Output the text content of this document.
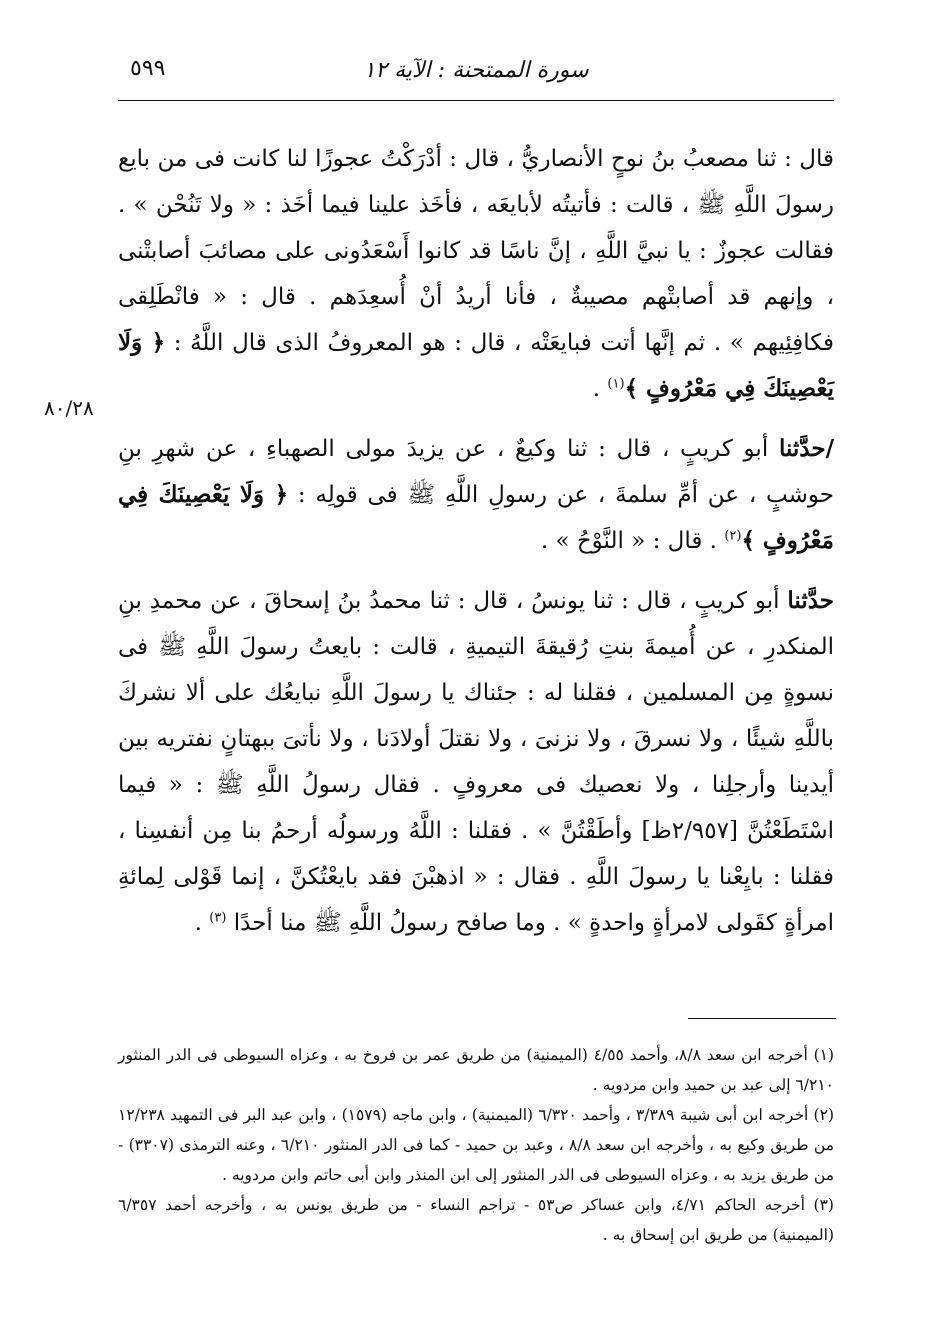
٥٩٩	سورة الممتحنة : الآية ١٢
٨٠/٢٨

قال : ثنا مصعبُ بنُ نوحٍ الأنصاريُّ ، قال : أدْرَكْتُ عجوزًا لنا كانت فى من بايع رسولَ اللَّهِ ﷺ ، قالت : فأتيتُه لأبايعَه ، فأخَذ علينا فيما أخَذ : « ولا تَنُحْن » . فقالت عجوزٌ : يا نبيَّ اللَّهِ ، إنَّ ناسًا قد كانوا أَسْعَدُونى على مصائبَ أصابتْنى ، وإنهم قد أصابتْهم مصيبةٌ ، فأنا أريدُ أنْ أُسعِدَهم . قال : « فانْطَلِقى فكافِئِيهم » . ثم إنَّها أتت فبايعَتْه ، قال : هو المعروفُ الذى قال اللَّهُ : ﴿ وَلَا يَعْصِينَكَ فِي مَعْرُوفٍ ﴾$^{(١)}$ .

/حدَّثنا أبو كريبٍ ، قال : ثنا وكيعٌ ، عن يزيدَ مولى الصهباءِ ، عن شهرِ بنِ حوشبٍ ، عن أمِّ سلمةَ ، عن رسولِ اللَّهِ ﷺ فى قولِه : ﴿ وَلَا يَعْصِينَكَ فِي مَعْرُوفٍ ﴾$^{(٢)}$ . قال : « النَّوْحُ » .

حدَّثنا أبو كريبٍ ، قال : ثنا يونسُ ، قال : ثنا محمدُ بنُ إسحاقَ ، عن محمدِ بنِ المنكدرِ ، عن أُميمةَ بنتِ رُقيقةَ التيميةِ ، قالت : بايعتُ رسولَ اللَّهِ ﷺ فى نسوةٍ مِن المسلمين ، فقلنا له : جئناك يا رسولَ اللَّهِ نبايعُك على ألا نشركَ باللَّهِ شيئًا ، ولا نسرقَ ، ولا نزنىَ ، ولا نقتلَ أولادَنا ، ولا نأتىَ ببهتانٍ نفتريه بين أيدينا وأرجلِنا ، ولا نعصيك فى معروفٍ . فقال رسولُ اللَّهِ ﷺ : « فيما اسْتَطَعْتُنَّ [٢/٩٥٧ظ] وأطَقْتُنَّ » . فقلنا : اللَّهُ ورسولُه أرحمُ بنا مِن أنفسِنا ، فقلنا : بايِعْنا يا رسولَ اللَّهِ . فقال : « اذهبْنَ فقد بايعْتُكنَّ ، إنما قَوْلى لِمائةِ امرأةٍ كقَولى لامرأةٍ واحدةٍ » . وما صافح رسولُ اللَّهِ ﷺ منا أحدًا $^{(٣)}$ .

(١) أخرجه ابن سعد ٨/٨، وأحمد ٤/٥٥ (الميمنية) من طريق عمر بن فروخ به ، وعزاه السيوطى فى الدر المنثور ٦/٢١٠ إلى عبد بن حميد وابن مردويه .

(٢) أخرجه ابن أبى شيبة ٣/٣٨٩ ، وأحمد ٦/٣٢٠ (الميمنية) ، وابن ماجه (١٥٧٩) ، وابن عبد البر فى التمهيد ١٢/٢٣٨ من طريق وكيع به ، وأخرجه ابن سعد ٨/٨ ، وعبد بن حميد - كما فى الدر المنثور ٦/٢١٠ ، وعنه الترمذى (٣٣٠٧) - من طريق يزيد به ، وعزاه السيوطى فى الدر المنثور إلى ابن المنذر وابن أبى حاتم وابن مردويه .

(٣) أخرجه الحاكم ٤/٧١، وابن عساكر ص٥٣ - تراجم النساء - من طريق يونس به ، وأخرجه أحمد ٦/٣٥٧ (الميمنية) من طريق ابن إسحاق به .
